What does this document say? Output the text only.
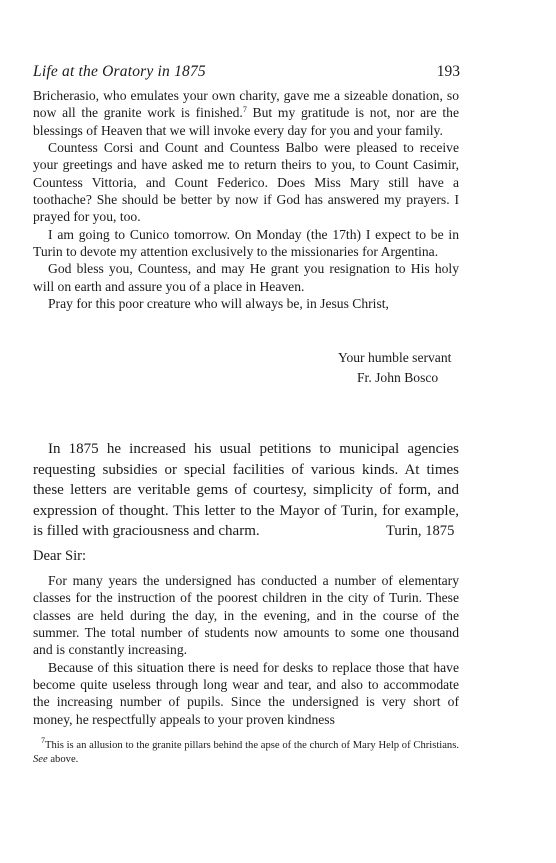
Life at the Oratory in 1875	193

Bricherasio, who emulates your own charity, gave me a sizeable donation, so now all the granite work is finished.$^7$ But my gratitude is not, nor are the blessings of Heaven that we will invoke every day for you and your family.

Countess Corsi and Count and Countess Balbo were pleased to receive your greetings and have asked me to return theirs to you, to Count Casimir, Countess Vittoria, and Count Federico. Does Miss Mary still have a toothache? She should be better by now if God has answered my prayers. I prayed for you, too.

I am going to Cunico tomorrow. On Monday (the 17th) I expect to be in Turin to devote my attention exclusively to the missionaries for Argentina.

God bless you, Countess, and may He grant you resignation to His holy will on earth and assure you of a place in Heaven.

Pray for this poor creature who will always be, in Jesus Christ,

Your humble servant
Fr. John Bosco

In 1875 he increased his usual petitions to municipal agencies requesting subsidies or special facilities of various kinds. At times these letters are veritable gems of courtesy, simplicity of form, and expression of thought. This letter to the Mayor of Turin, for example, is filled with graciousness and charm.	Turin, 1875
Dear Sir:

For many years the undersigned has conducted a number of elementary classes for the instruction of the poorest children in the city of Turin. These classes are held during the day, in the evening, and in the course of the summer. The total number of students now amounts to some one thousand and is constantly increasing.

Because of this situation there is need for desks to replace those that have become quite useless through long wear and tear, and also to accommodate the increasing number of pupils. Since the undersigned is very short of money, he respectfully appeals to your proven kindness

$^7$This is an allusion to the granite pillars behind the apse of the church of Mary Help of Christians. See above.
